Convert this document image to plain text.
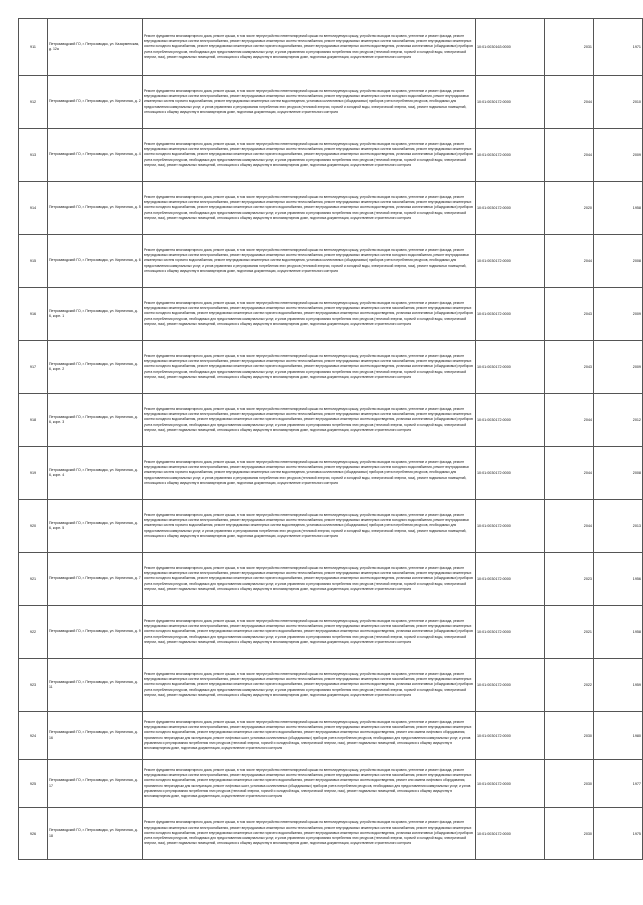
911	Петрозаводский ГО, г. Петрозаводск, ул. Казарменская, д. 12а	Ремонт фундамента многоквартирного дома, ремонт крыши, в том числе переустройство невентилируемой крыши на вентилируемую крышу, устройство выходов на кровлю, утепление и ремонт фасада, ремонт внутридомовых инженерных систем электроснабжения, ремонт внутридомовых инженерных систем теплоснабжения, ремонт внутридомовых инженерных систем газоснабжения, ремонт внутридомовых инженерных систем холодного водоснабжения, ремонт внутридомовых инженерных систем горячего водоснабжения, ремонт внутридомовых инженерных систем водоотведения, установка коллективных (общедомовых) приборов учета потребления ресурсов, необходимых для предоставления коммунальных услуг, и узлов управления и регулирования потребления этих ресурсов (тепловой энергии, горячей и холодной воды, электрической энергии, газа), ремонт подвальных помещений, относящихся к общему имуществу в многоквартирном доме, подготовка документации, осуществление строительного контроля	10:01:0030163:0000	2031	1971
912	Петрозаводский ГО, г. Петрозаводск, ул. Кирпичная, д. 2	Ремонт фундамента многоквартирного дома, ремонт крыши, в том числе переустройство невентилируемой крыши на вентилируемую крышу, устройство выходов на кровлю, утепление и ремонт фасада, ремонт внутридомовых инженерных систем электроснабжения, ремонт внутридомовых инженерных систем теплоснабжения, ремонт внутридомовых инженерных систем холодного водоснабжения, ремонт внутридомовых инженерных систем горячего водоснабжения, ремонт внутридомовых инженерных систем водоотведения, установка коллективных (общедомовых) приборов учета потребления ресурсов, необходимых для предоставления коммунальных услуг, и узлов управления и регулирования потребления этих ресурсов (тепловой энергии, горячей и холодной воды, электрической энергии, газа), ремонт подвальных помещений, относящихся к общему имуществу в многоквартирном доме, подготовка документации, осуществление строительного контроля	10:01:0030172:0000	2044	2010
913	Петрозаводский ГО, г. Петрозаводск, ул. Кирпичная, д. 4	Ремонт фундамента многоквартирного дома, ремонт крыши, в том числе переустройство невентилируемой крыши на вентилируемую крышу, устройство выходов на кровлю, утепление и ремонт фасада, ремонт внутридомовых инженерных систем электроснабжения, ремонт внутридомовых инженерных систем теплоснабжения, ремонт внутридомовых инженерных систем газоснабжения, ремонт внутридомовых инженерных систем холодного водоснабжения, ремонт внутридомовых инженерных систем горячего водоснабжения, ремонт внутридомовых инженерных систем водоотведения, установка коллективных (общедомовых) приборов учета потребления ресурсов, необходимых для предоставления коммунальных услуг, и узлов управления и регулирования потребления этих ресурсов (тепловой энергии, горячей и холодной воды, электрической энергии, газа), ремонт подвальных помещений, относящихся к общему имуществу в многоквартирном доме, подготовка документации, осуществление строительного контроля	10:01:0030172:0000	2044	2009
914	Петрозаводский ГО, г. Петрозаводск, ул. Кирпичная, д. 5	Ремонт фундамента многоквартирного дома, ремонт крыши, в том числе переустройство невентилируемой крыши на вентилируемую крышу, устройство выходов на кровлю, утепление и ремонт фасада, ремонт внутридомовых инженерных систем электроснабжения, ремонт внутридомовых инженерных систем теплоснабжения, ремонт внутридомовых инженерных систем газоснабжения, ремонт внутридомовых инженерных систем холодного водоснабжения, ремонт внутридомовых инженерных систем горячего водоснабжения, ремонт внутридомовых инженерных систем водоотведения, установка коллективных (общедомовых) приборов учета потребления ресурсов, необходимых для предоставления коммунальных услуг, и узлов управления и регулирования потребления этих ресурсов (тепловой энергии, горячей и холодной воды, электрической энергии, газа), ремонт подвальных помещений, относящихся к общему имуществу в многоквартирном доме, подготовка документации, осуществление строительного контроля	10:01:0030172:0000	2020	1958
915	Петрозаводский ГО, г. Петрозаводск, ул. Кирпичная, д. 6	Ремонт фундамента многоквартирного дома, ремонт крыши, в том числе переустройство невентилируемой крыши на вентилируемую крышу, устройство выходов на кровлю, утепление и ремонт фасада, ремонт внутридомовых инженерных систем электроснабжения, ремонт внутридомовых инженерных систем теплоснабжения, ремонт внутридомовых инженерных систем холодного водоснабжения, ремонт внутридомовых инженерных систем горячего водоснабжения, ремонт внутридомовых инженерных систем водоотведения, установка коллективных (общедомовых) приборов учета потребления ресурсов, необходимых для предоставления коммунальных услуг, и узлов управления и регулирования потребления этих ресурсов (тепловой энергии, горячей и холодной воды, электрической энергии, газа), ремонт подвальных помещений, относящихся к общему имуществу в многоквартирном доме, подготовка документации, осуществление строительного контроля	10:01:0030172:0000	2044	2008
916	Петрозаводский ГО, г. Петрозаводск, ул. Кирпичная, д. 6, корп. 1	Ремонт фундамента многоквартирного дома, ремонт крыши, в том числе переустройство невентилируемой крыши на вентилируемую крышу, устройство выходов на кровлю, утепление и ремонт фасада, ремонт внутридомовых инженерных систем электроснабжения, ремонт внутридомовых инженерных систем теплоснабжения, ремонт внутридомовых инженерных систем газоснабжения, ремонт внутридомовых инженерных систем холодного водоснабжения, ремонт внутридомовых инженерных систем горячего водоснабжения, ремонт внутридомовых инженерных систем водоотведения, установка коллективных (общедомовых) приборов учета потребления ресурсов, необходимых для предоставления коммунальных услуг, и узлов управления и регулирования потребления этих ресурсов (тепловой энергии, горячей и холодной воды, электрической энергии, газа), ремонт подвальных помещений, относящихся к общему имуществу в многоквартирном доме, подготовка документации, осуществление строительного контроля	10:01:0030172:0000	2043	2009
917	Петрозаводский ГО, г. Петрозаводск, ул. Кирпичная, д. 6, корп. 2	Ремонт фундамента многоквартирного дома, ремонт крыши, в том числе переустройство невентилируемой крыши на вентилируемую крышу, устройство выходов на кровлю, утепление и ремонт фасада, ремонт внутридомовых инженерных систем электроснабжения, ремонт внутридомовых инженерных систем теплоснабжения, ремонт внутридомовых инженерных систем газоснабжения, ремонт внутридомовых инженерных систем холодного водоснабжения, ремонт внутридомовых инженерных систем горячего водоснабжения, ремонт внутридомовых инженерных систем водоотведения, установка коллективных (общедомовых) приборов учета потребления ресурсов, необходимых для предоставления коммунальных услуг, и узлов управления и регулирования потребления этих ресурсов (тепловой энергии, горячей и холодной воды, электрической энергии, газа), ремонт подвальных помещений, относящихся к общему имуществу в многоквартирном доме, подготовка документации, осуществление строительного контроля	10:01:0030172:0000	2043	2009
918	Петрозаводский ГО, г. Петрозаводск, ул. Кирпичная, д. 6, корп. 3	Ремонт фундамента многоквартирного дома, ремонт крыши, в том числе переустройство невентилируемой крыши на вентилируемую крышу, устройство выходов на кровлю, утепление и ремонт фасада, ремонт внутридомовых инженерных систем электроснабжения, ремонт внутридомовых инженерных систем теплоснабжения, ремонт внутридомовых инженерных систем газоснабжения, ремонт внутридомовых инженерных систем холодного водоснабжения, ремонт внутридомовых инженерных систем горячего водоснабжения, ремонт внутридомовых инженерных систем водоотведения, установка коллективных (общедомовых) приборов учета потребления ресурсов, необходимых для предоставления коммунальных услуг, и узлов управления и регулирования потребления этих ресурсов (тепловой энергии, горячей и холодной воды, электрической энергии, газа), ремонт подвальных помещений, относящихся к общему имуществу в многоквартирном доме, подготовка документации, осуществление строительного контроля	10:01:0030172:0000	2044	2012
919	Петрозаводский ГО, г. Петрозаводск, ул. Кирпичная, д. 6, корп. 4	Ремонт фундамента многоквартирного дома, ремонт крыши, в том числе переустройство невентилируемой крыши на вентилируемую крышу, устройство выходов на кровлю, утепление и ремонт фасада, ремонт внутридомовых инженерных систем электроснабжения, ремонт внутридомовых инженерных систем теплоснабжения, ремонт внутридомовых инженерных систем холодного водоснабжения, ремонт внутридомовых инженерных систем горячего водоснабжения, ремонт внутридомовых инженерных систем водоотведения, установка коллективных (общедомовых) приборов учета потребления ресурсов, необходимых для предоставления коммунальных услуг, и узлов управления и регулирования потребления этих ресурсов (тепловой энергии, горячей и холодной воды, электрической энергии, газа), ремонт подвальных помещений, относящихся к общему имуществу в многоквартирном доме, подготовка документации, осуществление строительного контроля	10:01:0030172:0000	2044	2008
920	Петрозаводский ГО, г. Петрозаводск, ул. Кирпичная, д. 6, корп. 5	Ремонт фундамента многоквартирного дома, ремонт крыши, в том числе переустройство невентилируемой крыши на вентилируемую крышу, устройство выходов на кровлю, утепление и ремонт фасада, ремонт внутридомовых инженерных систем электроснабжения, ремонт внутридомовых инженерных систем теплоснабжения, ремонт внутридомовых инженерных систем холодного водоснабжения, ремонт внутридомовых инженерных систем горячего водоснабжения, ремонт внутридомовых инженерных систем водоотведения, установка коллективных (общедомовых) приборов учета потребления ресурсов, необходимых для предоставления коммунальных услуг, и узлов управления и регулирования потребления этих ресурсов (тепловой энергии, горячей и холодной воды, электрической энергии, газа), ремонт подвальных помещений, относящихся к общему имуществу в многоквартирном доме, подготовка документации, осуществление строительного контроля	10:01:0030172:0000	2044	2013
921	Петрозаводский ГО, г. Петрозаводск, ул. Кирпичная, д. 7	Ремонт фундамента многоквартирного дома, ремонт крыши, в том числе переустройство невентилируемой крыши на вентилируемую крышу, устройство выходов на кровлю, утепление и ремонт фасада, ремонт внутридомовых инженерных систем электроснабжения, ремонт внутридомовых инженерных систем теплоснабжения, ремонт внутридомовых инженерных систем газоснабжения, ремонт внутридомовых инженерных систем холодного водоснабжения, ремонт внутридомовых инженерных систем горячего водоснабжения, ремонт внутридомовых инженерных систем водоотведения, установка коллективных (общедомовых) приборов учета потребления ресурсов, необходимых для предоставления коммунальных услуг, и узлов управления и регулирования потребления этих ресурсов (тепловой энергии, горячей и холодной воды, электрической энергии, газа), ремонт подвальных помещений, относящихся к общему имуществу в многоквартирном доме, подготовка документации, осуществление строительного контроля	10:01:0030172:0000	2023	1956
922	Петрозаводский ГО, г. Петрозаводск, ул. Кирпичная, д. 9	Ремонт фундамента многоквартирного дома, ремонт крыши, в том числе переустройство невентилируемой крыши на вентилируемую крышу, устройство выходов на кровлю, утепление и ремонт фасада, ремонт внутридомовых инженерных систем электроснабжения, ремонт внутридомовых инженерных систем теплоснабжения, ремонт внутридомовых инженерных систем газоснабжения, ремонт внутридомовых инженерных систем холодного водоснабжения, ремонт внутридомовых инженерных систем горячего водоснабжения, ремонт внутридомовых инженерных систем водоотведения, установка коллективных (общедомовых) приборов учета потребления ресурсов, необходимых для предоставления коммунальных услуг, и узлов управления и регулирования потребления этих ресурсов (тепловой энергии, горячей и холодной воды, электрической энергии, газа), ремонт подвальных помещений, относящихся к общему имуществу в многоквартирном доме, подготовка документации, осуществление строительного контроля	10:01:0030172:0000	2021	1958
923	Петрозаводский ГО, г. Петрозаводск, ул. Кирпичная, д. 11	Ремонт фундамента многоквартирного дома, ремонт крыши, в том числе переустройство невентилируемой крыши на вентилируемую крышу, устройство выходов на кровлю, утепление и ремонт фасада, ремонт внутридомовых инженерных систем электроснабжения, ремонт внутридомовых инженерных систем теплоснабжения, ремонт внутридомовых инженерных систем газоснабжения, ремонт внутридомовых инженерных систем холодного водоснабжения, ремонт внутридомовых инженерных систем горячего водоснабжения, ремонт внутридомовых инженерных систем водоотведения, установка коллективных (общедомовых) приборов учета потребления ресурсов, необходимых для предоставления коммунальных услуг, и узлов управления и регулирования потребления этих ресурсов (тепловой энергии, горячей и холодной воды, электрической энергии, газа), ремонт подвальных помещений, относящихся к общему имуществу в многоквартирном доме, подготовка документации, осуществление строительного контроля	10:01:0030172:0000	2022	1959
924	Петрозаводский ГО, г. Петрозаводск, ул. Кирпичная, д. 16	Ремонт фундамента многоквартирного дома, ремонт крыши, в том числе переустройство невентилируемой крыши на вентилируемую крышу, устройство выходов на кровлю, утепление и ремонт фасада, ремонт внутридомовых инженерных систем электроснабжения, ремонт внутридомовых инженерных систем теплоснабжения, ремонт внутридомовых инженерных систем газоснабжения, ремонт внутридомовых инженерных систем холодного водоснабжения, ремонт внутридомовых инженерных систем горячего водоснабжения, ремонт внутридомовых инженерных систем водоотведения, ремонт или замена лифтового оборудования, признанного непригодным для эксплуатации, ремонт лифтовых шахт, установка коллективных (общедомовых) приборов учета потребления ресурсов, необходимых для предоставления коммунальных услуг, и узлов управления и регулирования потребления этих ресурсов (тепловой энергии, горячей и холодной воды, электрической энергии, газа), ремонт подвальных помещений, относящихся к общему имуществу в многоквартирном доме, подготовка документации, осуществление строительного контроля	10:01:0030172:0000	2030	1980
925	Петрозаводский ГО, г. Петрозаводск, ул. Кирпичная, д. 17	Ремонт фундамента многоквартирного дома, ремонт крыши, в том числе переустройство невентилируемой крыши на вентилируемую крышу, устройство выходов на кровлю, утепление и ремонт фасада, ремонт внутридомовых инженерных систем электроснабжения, ремонт внутридомовых инженерных систем теплоснабжения, ремонт внутридомовых инженерных систем газоснабжения, ремонт внутридомовых инженерных систем холодного водоснабжения, ремонт внутридомовых инженерных систем горячего водоснабжения, ремонт внутридомовых инженерных систем водоотведения, ремонт или замена лифтового оборудования, признанного непригодным для эксплуатации, ремонт лифтовых шахт, установка коллективных (общедомовых) приборов учета потребления ресурсов, необходимых для предоставления коммунальных услуг, и узлов управления и регулирования потребления этих ресурсов (тепловой энергии, горячей и холодной воды, электрической энергии, газа), ремонт подвальных помещений, относящихся к общему имуществу в многоквартирном доме, подготовка документации, осуществление строительного контроля	10:01:0030172:0000	2030	1977
926	Петрозаводский ГО, г. Петрозаводск, ул. Кирпичная, д. 18	Ремонт фундамента многоквартирного дома, ремонт крыши, в том числе переустройство невентилируемой крыши на вентилируемую крышу, устройство выходов на кровлю, утепление и ремонт фасада, ремонт внутридомовых инженерных систем электроснабжения, ремонт внутридомовых инженерных систем теплоснабжения, ремонт внутридомовых инженерных систем газоснабжения, ремонт внутридомовых инженерных систем холодного водоснабжения, ремонт внутридомовых инженерных систем горячего водоснабжения, ремонт внутридомовых инженерных систем водоотведения, установка коллективных (общедомовых) приборов учета потребления ресурсов, необходимых для предоставления коммунальных услуг, и узлов управления и регулирования потребления этих ресурсов (тепловой энергии, горячей и холодной воды, электрической энергии, газа), ремонт подвальных помещений, относящихся к общему имуществу в многоквартирном доме, подготовка документации, осуществление строительного контроля	10:01:0030172:0000	2030	1975
